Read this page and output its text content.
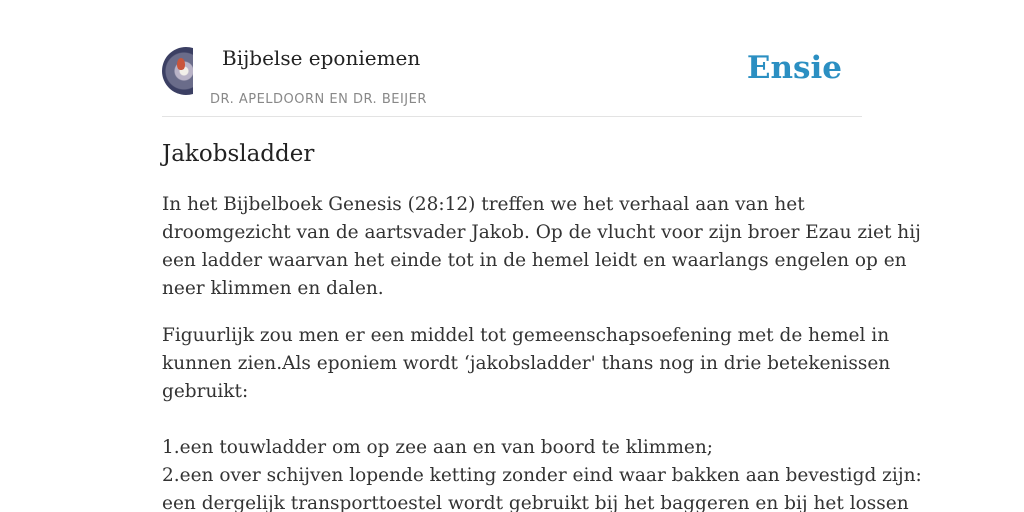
Bijbelse eponiemen
DR. APELDOORN EN DR. BEIJER
Ensie
Jakobsladder

In het Bijbelboek Genesis (28:12) treffen we het verhaal aan van het
droomgezicht van de aartsvader Jakob. Op de vlucht voor zijn broer Ezau ziet hij
een ladder waarvan het einde tot in de hemel leidt en waarlangs engelen op en
neer klimmen en dalen.

Figuurlijk zou men er een middel tot gemeenschapsoefening met de hemel in
kunnen zien.Als eponiem wordt ‘jakobsladder' thans nog in drie betekenissen
gebruikt:

1.een touwladder om op zee aan en van boord te klimmen;
2.een over schijven lopende ketting zonder eind waar bakken aan bevestigd zijn:
een dergelijk transporttoestel wordt gebruikt bij het baggeren en bij het lossen
